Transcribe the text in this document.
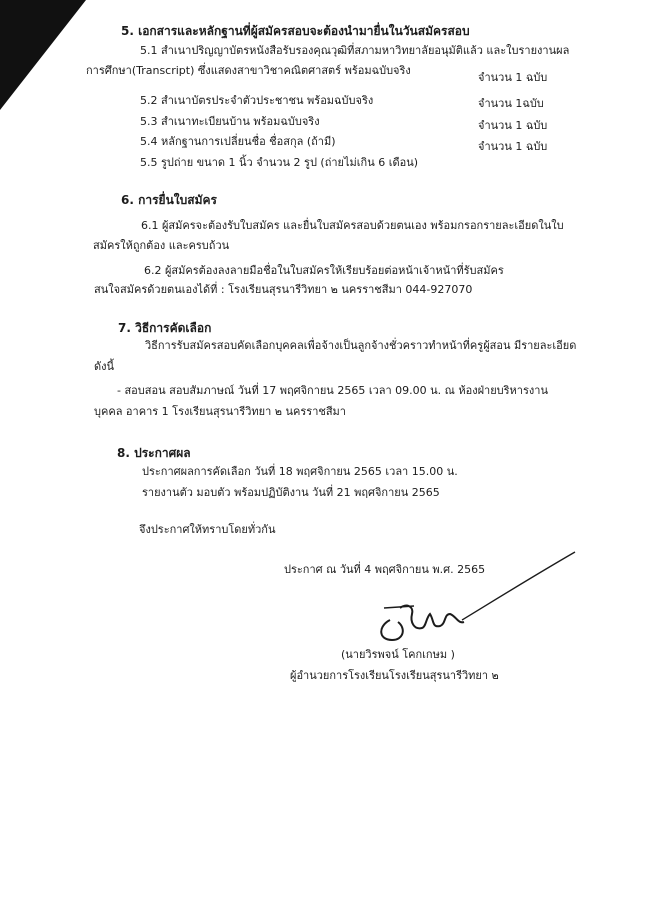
5. เอกสารและหลักฐานที่ผู้สมัครสอบจะต้องนำมายื่นในวันสมัครสอบ
5.1 สำเนาปริญญาบัตรหนังสือรับรองคุณวุฒิที่สภามหาวิทยาลัยอนุมัติแล้ว และใบรายงานผล
การศึกษา(Transcript) ซึ่งแสดงสาขาวิชาคณิตศาสตร์ พร้อมฉบับจริง
จำนวน 1 ฉบับ
5.2 สำเนาบัตรประจำตัวประชาชน พร้อมฉบับจริง	จำนวน 1ฉบับ
5.3 สำเนาทะเบียนบ้าน พร้อมฉบับจริง	จำนวน 1 ฉบับ
5.4 หลักฐานการเปลี่ยนชื่อ ชื่อสกุล (ถ้ามี)	จำนวน 1 ฉบับ
5.5 รูปถ่าย ขนาด 1 นิ้ว จำนวน 2 รูป (ถ่ายไม่เกิน 6 เดือน)
6. การยื่นใบสมัคร
6.1 ผู้สมัครจะต้องรับใบสมัคร และยื่นใบสมัครสอบด้วยตนเอง พร้อมกรอกรายละเอียดในใบ
สมัครให้ถูกต้อง และครบถ้วน
6.2 ผู้สมัครต้องลงลายมือชื่อในใบสมัครให้เรียบร้อยต่อหน้าเจ้าหน้าที่รับสมัคร
สนใจสมัครด้วยตนเองได้ที่ : โรงเรียนสุรนารีวิทยา ๒ นครราชสีมา 044-927070
7. วิธีการคัดเลือก
วิธีการรับสมัครสอบคัดเลือกบุคคลเพื่อจ้างเป็นลูกจ้างชั่วคราวทำหน้าที่ครูผู้สอน มีรายละเอียด
ดังนี้
- สอบสอน สอบสัมภาษณ์ วันที่ 17 พฤศจิกายน 2565 เวลา 09.00 น. ณ ห้องฝ่ายบริหารงาน
บุคคล อาคาร 1 โรงเรียนสุรนารีวิทยา ๒ นครราชสีมา
8. ประกาศผล
ประกาศผลการคัดเลือก วันที่ 18 พฤศจิกายน 2565 เวลา 15.00 น.
รายงานตัว มอบตัว พร้อมปฏิบัติงาน วันที่ 21 พฤศจิกายน 2565
จึงประกาศให้ทราบโดยทั่วกัน
ประกาศ ณ วันที่ 4 พฤศจิกายน พ.ศ. 2565
(นายวิรพจน์ โคกเกษม )
ผู้อำนวยการโรงเรียนโรงเรียนสุรนารีวิทยา ๒
